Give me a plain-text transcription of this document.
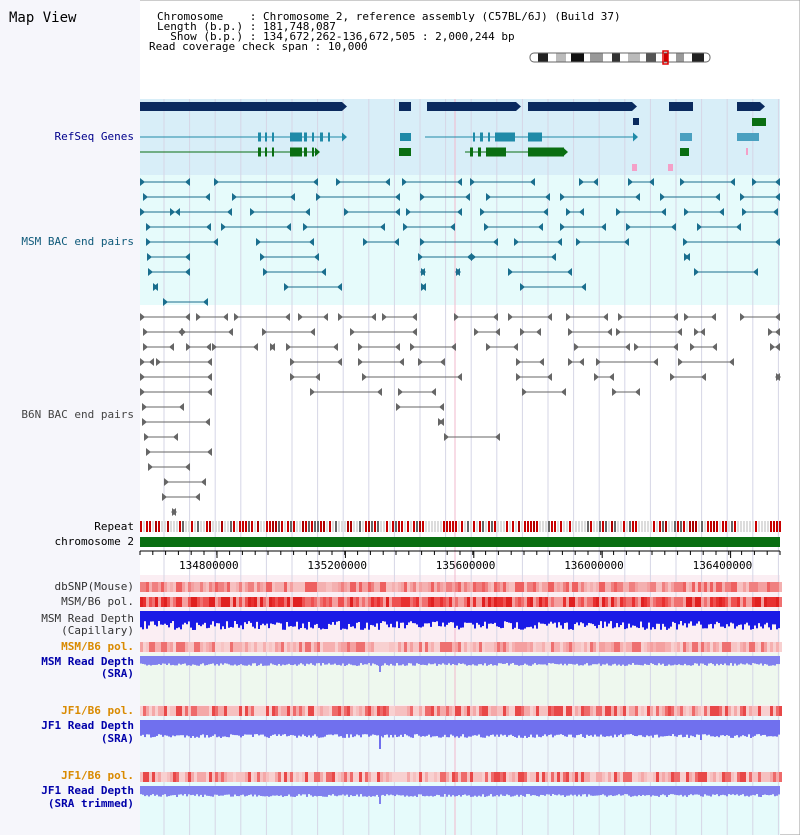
Map View	Chromosome    : Chromosome 2, reference assembly (C57BL/6J) (Build 37)
Length (b.p.) : 181,748,087
Show (b.p.) : 134,672,262-136,672,505 : 2,000,244 bp
Read coverage check span : 10,000
RefSeq Genes
MSM BAC end pairs
B6N BAC end pairs
Repeat
chromosome 2
dbSNP(Mouse)
MSM/B6 pol.
MSM Read Depth
(Capillary)
MSM/B6 pol.
MSM Read Depth
(SRA)
JF1/B6 pol.
JF1 Read Depth
(SRA)
JF1/B6 pol.
JF1 Read Depth
(SRA trimmed)
134800000	135200000	135600000	136000000	136400000
